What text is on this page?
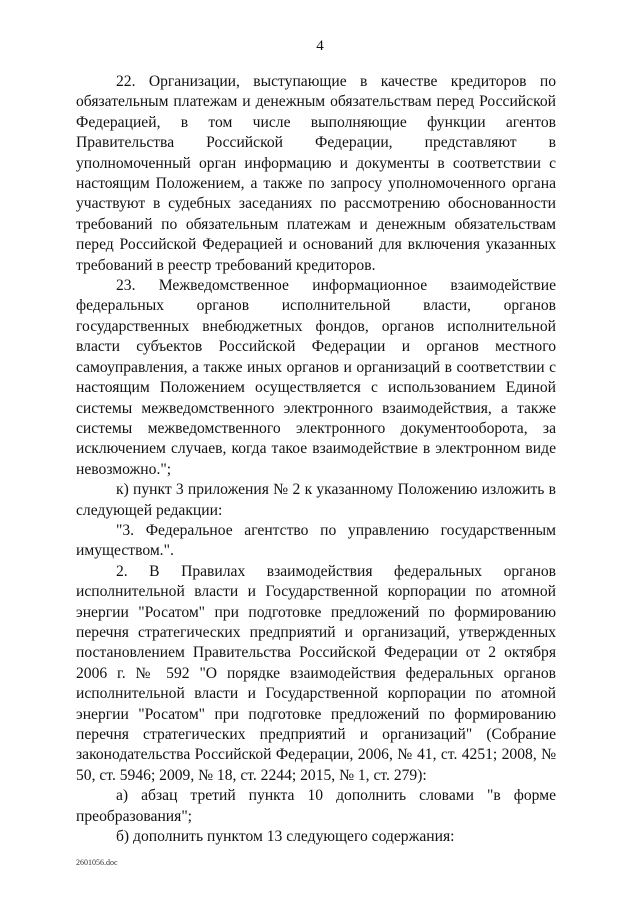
4

22. Организации, выступающие в качестве кредиторов по обязательным платежам и денежным обязательствам перед Российской Федерацией, в том числе выполняющие функции агентов Правительства Российской Федерации, представляют в уполномоченный орган информацию и документы в соответствии с настоящим Положением, а также по запросу уполномоченного органа участвуют в судебных заседаниях по рассмотрению обоснованности требований по обязательным платежам и денежным обязательствам перед Российской Федерацией и оснований для включения указанных требований в реестр требований кредиторов.

23. Межведомственное информационное взаимодействие федеральных органов исполнительной власти, органов государственных внебюджетных фондов, органов исполнительной власти субъектов Российской Федерации и органов местного самоуправления, а также иных органов и организаций в соответствии с настоящим Положением осуществляется с использованием Единой системы межведомственного электронного взаимодействия, а также системы межведомственного электронного документооборота, за исключением случаев, когда такое взаимодействие в электронном виде невозможно.";

к) пункт 3 приложения № 2 к указанному Положению изложить в следующей редакции:

"3. Федеральное агентство по управлению государственным имуществом.".

2. В Правилах взаимодействия федеральных органов исполнительной власти и Государственной корпорации по атомной энергии "Росатом" при подготовке предложений по формированию перечня стратегических предприятий и организаций, утвержденных постановлением Правительства Российской Федерации от 2 октября 2006 г. № 592 "О порядке взаимодействия федеральных органов исполнительной власти и Государственной корпорации по атомной энергии "Росатом" при подготовке предложений по формированию перечня стратегических предприятий и организаций" (Собрание законодательства Российской Федерации, 2006, № 41, ст. 4251; 2008, № 50, ст. 5946; 2009, № 18, ст. 2244; 2015, № 1, ст. 279):

а) абзац третий пункта 10 дополнить словами "в форме преобразования";

б) дополнить пунктом 13 следующего содержания:

2601056.doc
